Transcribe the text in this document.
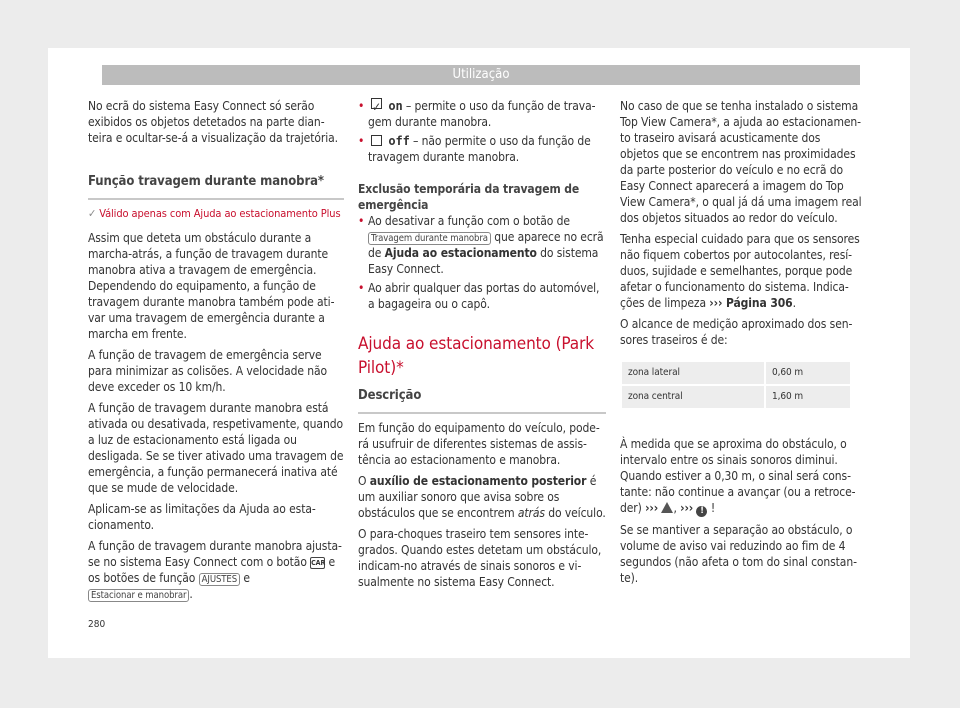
Utilização

No ecrã do sistema Easy Connect só serão exibidos os objetos detetados na parte dianteira e ocultar-se-á a visualização da trajetória.

Função travagem durante manobra*
✓ Válido apenas com Ajuda ao estacionamento Plus

Assim que deteta um obstáculo durante a marcha-atrás, a função de travagem durante manobra ativa a travagem de emergência. Dependendo do equipamento, a função de travagem durante manobra também pode ativar uma travagem de emergência durante a marcha em frente.

A função de travagem de emergência serve para minimizar as colisões. A velocidade não deve exceder os 10 km/h.

A função de travagem durante manobra está ativada ou desativada, respetivamente, quando a luz de estacionamento está ligada ou desligada. Se se tiver ativado uma travagem de emergência, a função permanecerá inativa até que se mude de velocidade.

Aplicam-se as limitações da Ajuda ao estacionamento.

A função de travagem durante manobra ajusta-se no sistema Easy Connect com o botão CAR e os botões de função AJUSTES e
Estacionar e manobrar .

• ✓ on – permite o uso da função de travagem durante manobra.
• off – não permite o uso da função de travagem durante manobra.
Exclusão temporária da travagem de emergência
• Ao desativar a função com o botão de Travagem durante manobra que aparece no ecrã de Ajuda ao estacionamento do sistema Easy Connect.
• Ao abrir qualquer das portas do automóvel, a bagageira ou o capô.
Ajuda ao estacionamento (Park Pilot)*
Descrição

Em função do equipamento do veículo, poderá usufruir de diferentes sistemas de assistência ao estacionamento e manobra.

O auxílio de estacionamento posterior é um auxiliar sonoro que avisa sobre os obstáculos que se encontrem atrás do veículo.

O para-choques traseiro tem sensores integrados. Quando estes detetam um obstáculo, indicam-no através de sinais sonoros e visualmente no sistema Easy Connect.

No caso de que se tenha instalado o sistema Top View Camera*, a ajuda ao estacionamento traseiro avisará acusticamente dos objetos que se encontrem nas proximidades da parte posterior do veículo e no ecrã do Easy Connect aparecerá a imagem do Top View Camera*, o qual já dá uma imagem real dos objetos situados ao redor do veículo.

Tenha especial cuidado para que os sensores não fiquem cobertos por autocolantes, resíduos, sujidade e semelhantes, porque pode afetar o funcionamento do sistema. Indicações de limpeza ››› Página 306.

O alcance de medição aproximado dos sensores traseiros é de:

zona lateral	0,60 m
zona central	1,60 m

À medida que se aproxima do obstáculo, o intervalo entre os sinais sonoros diminui. Quando estiver a 0,30 m, o sinal será constante: não continue a avançar (ou a retroceder) ››› , ››› ! !

Se se mantiver a separação ao obstáculo, o volume de aviso vai reduzindo ao fim de 4 segundos (não afeta o tom do sinal constante).

280
